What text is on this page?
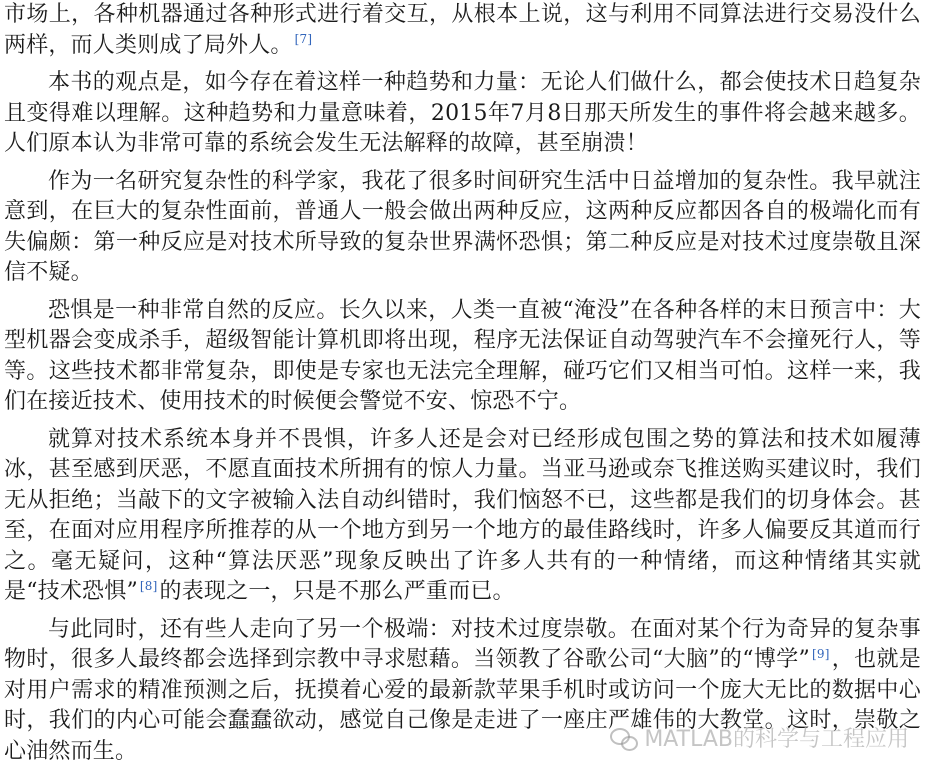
市场上，各种机器通过各种形式进行着交互，从根本上说，这与利用不同算法进行交易没什么两样，而人类则成了局外人。 [7]

本书的观点是，如今存在着这样一种趋势和力量：无论人们做什么，都会使技术日趋复杂且变得难以理解。这种趋势和力量意味着，2015年7月8日那天所发生的事件将会越来越多。人们原本认为非常可靠的系统会发生无法解释的故障，甚至崩溃！

作为一名研究复杂性的科学家，我花了很多时间研究生活中日益增加的复杂性。我早就注意到，在巨大的复杂性面前，普通人一般会做出两种反应，这两种反应都因各自的极端化而有失偏颇：第一种反应是对技术所导致的复杂世界满怀恐惧；第二种反应是对技术过度崇敬且深信不疑。

恐惧是一种非常自然的反应。长久以来，人类一直被“淹没”在各种各样的末日预言中：大型机器会变成杀手，超级智能计算机即将出现，程序无法保证自动驾驶汽车不会撞死行人，等等。这些技术都非常复杂，即使是专家也无法完全理解，碰巧它们又相当可怕。这样一来，我们在接近技术、使用技术的时候便会警觉不安、惊恐不宁。

就算对技术系统本身并不畏惧，许多人还是会对已经形成包围之势的算法和技术如履薄冰，甚至感到厌恶，不愿直面技术所拥有的惊人力量。当亚马逊或奈飞推送购买建议时，我们无从拒绝；当敲下的文字被输入法自动纠错时，我们恼怒不已，这些都是我们的切身体会。甚至，在面对应用程序所推荐的从一个地方到另一个地方的最佳路线时，许多人偏要反其道而行之。毫无疑问，这种“算法厌恶”现象反映出了许多人共有的一种情绪，而这种情绪其实就是“技术恐惧” [8]的表现之一，只是不那么严重而已。

与此同时，还有些人走向了另一个极端：对技术过度崇敬。在面对某个行为奇异的复杂事物时，很多人最终都会选择到宗教中寻求慰藉。当领教了谷歌公司“大脑”的“博学” [9]，也就是对用户需求的精准预测之后，抚摸着心爱的最新款苹果手机时或访问一个庞大无比的数据中心时，我们的内心可能会蠢蠢欲动，感觉自己像是走进了一座庄严雄伟的大教堂。这时，崇敬之心油然而生。	MATLAB的科学与工程应用
